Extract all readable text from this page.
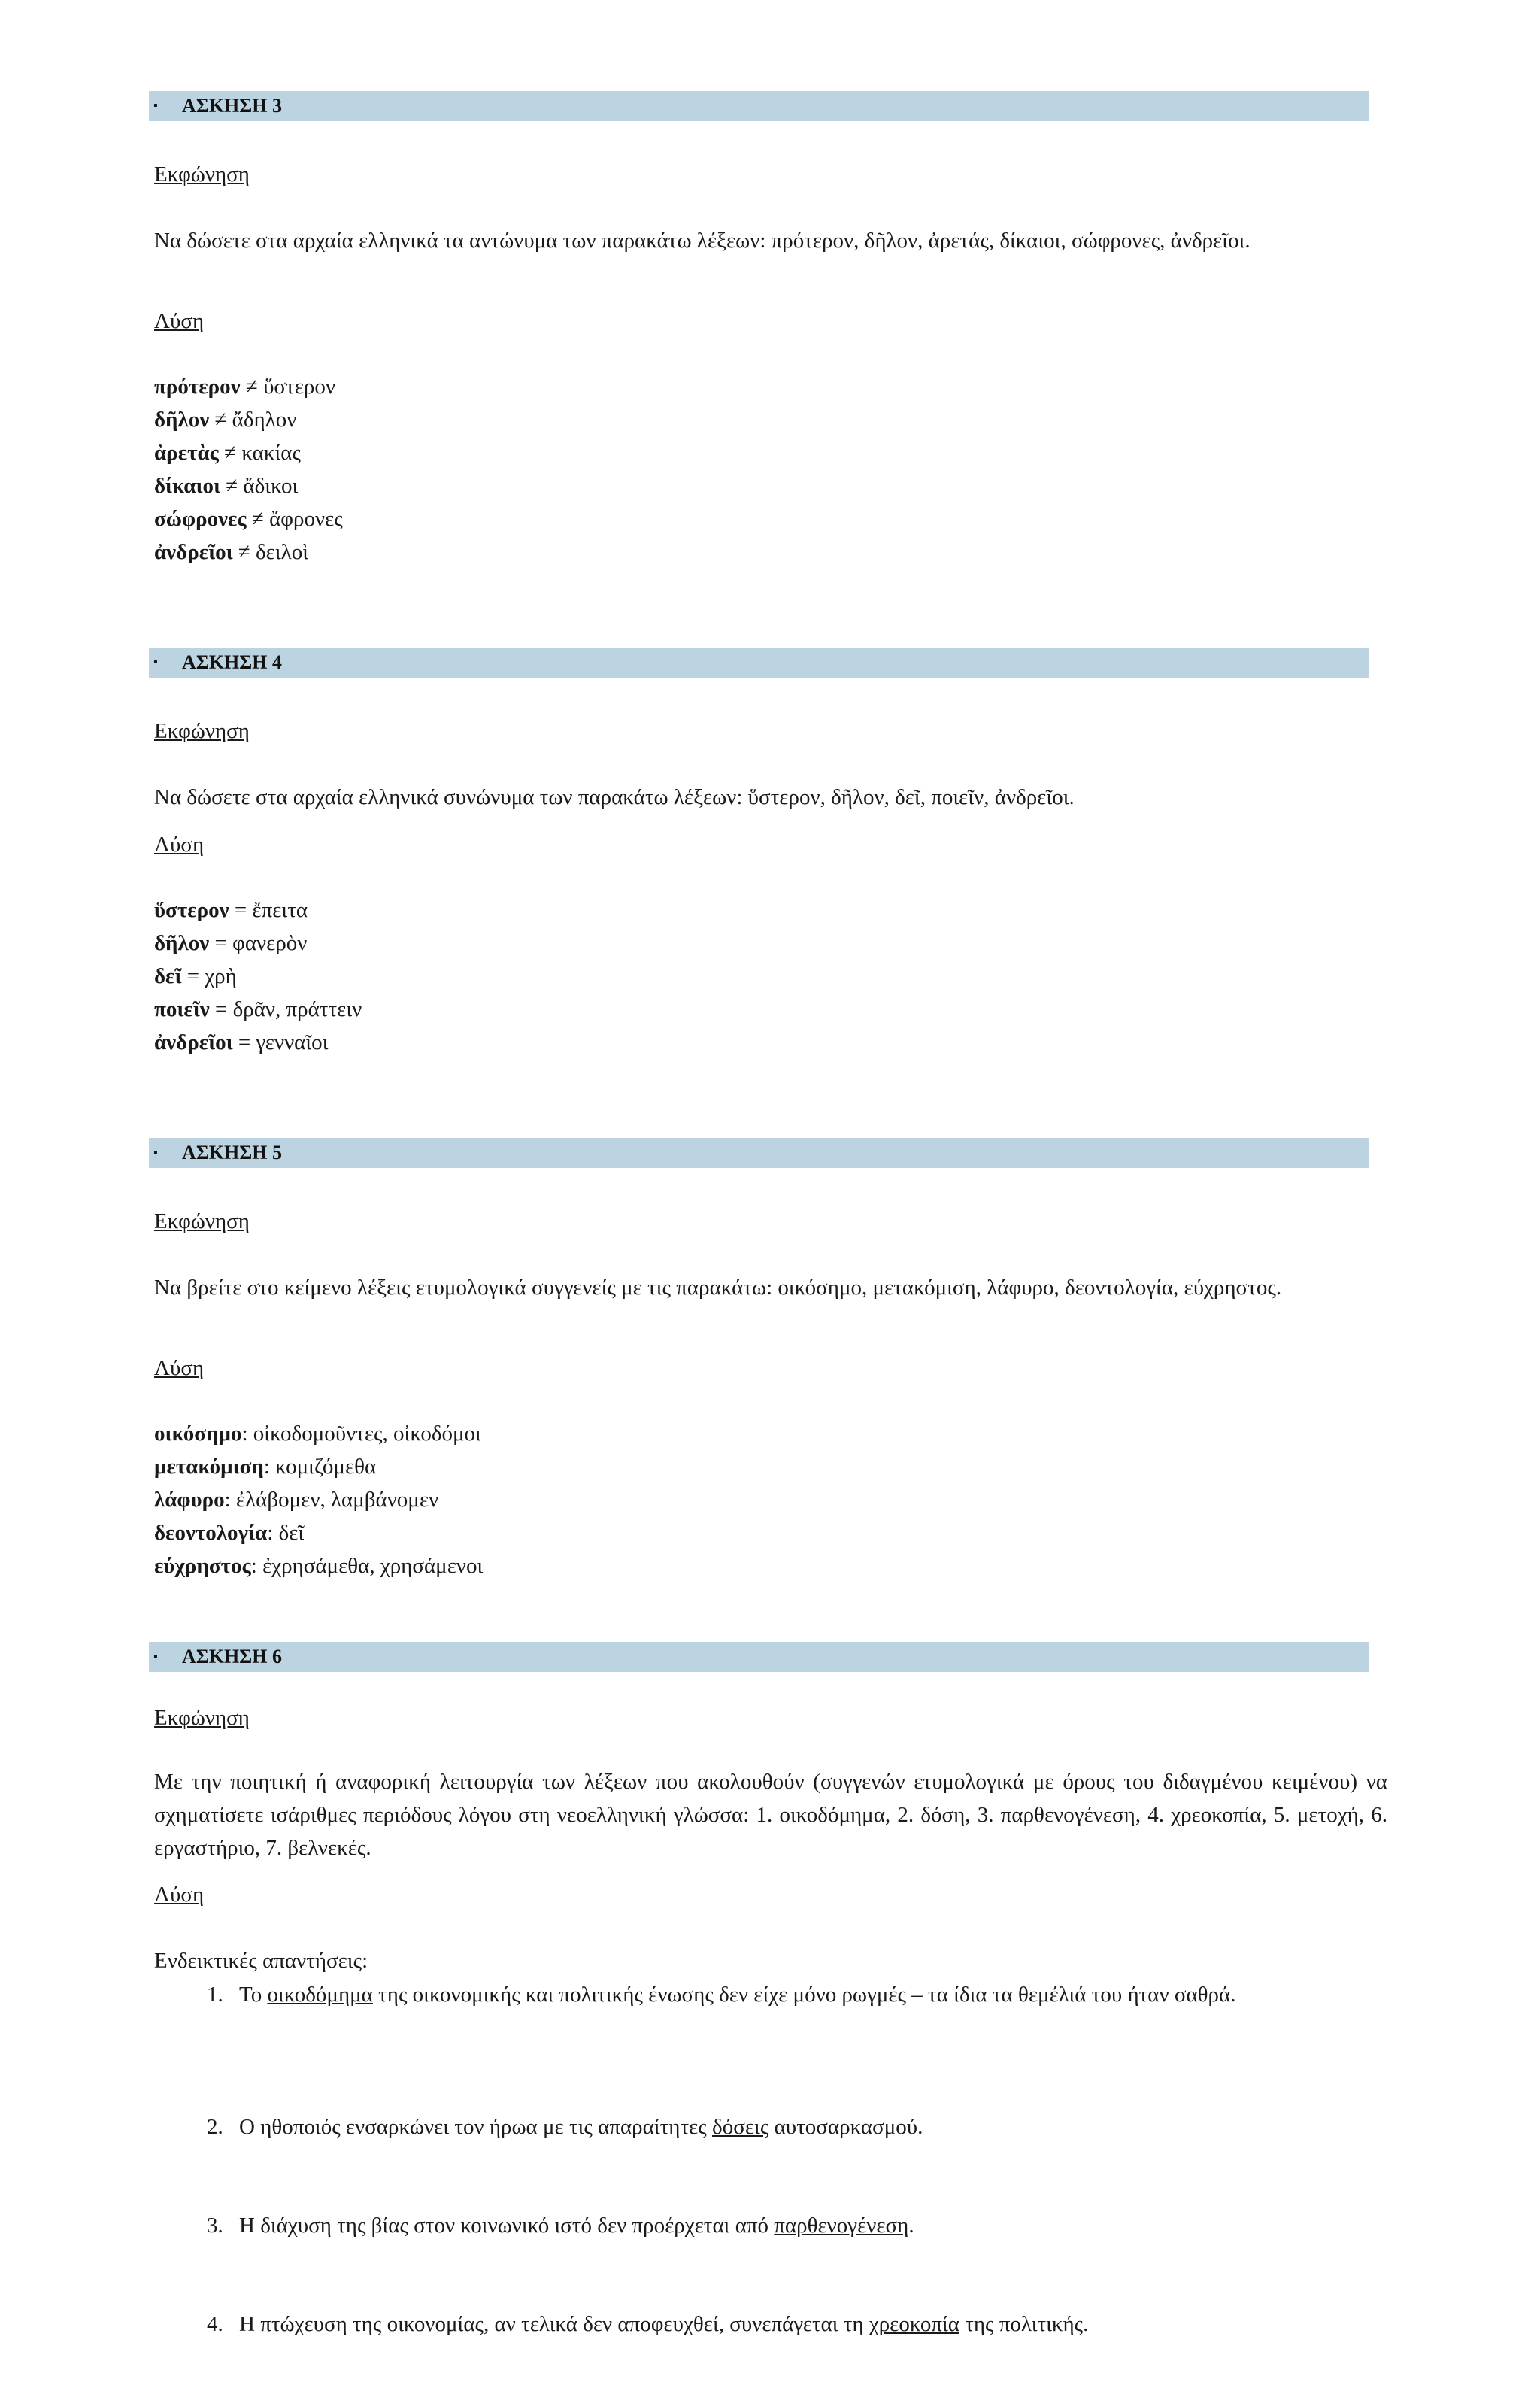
▪ ΑΣΚΗΣΗ 3

Εκφώνηση

Να δώσετε στα αρχαία ελληνικά τα αντώνυμα των παρακάτω λέξεων: πρότερον, δῆλον, ἀρετάς, δίκαιοι, σώφρονες, ἀνδρεῖοι.

Λύση

πρότερον ≠ ὕστερον
δῆλον ≠ ἄδηλον
ἀρετὰς ≠ κακίας
δίκαιοι ≠ ἄδικοι
σώφρονες ≠ ἄφρονες
ἀνδρεῖοι ≠ δειλοὶ
▪ ΑΣΚΗΣΗ 4

Εκφώνηση

Να δώσετε στα αρχαία ελληνικά συνώνυμα των παρακάτω λέξεων: ὕστερον, δῆλον, δεῖ, ποιεῖν, ἀνδρεῖοι.

Λύση

ὕστερον = ἔπειτα
δῆλον = φανερὸν
δεῖ = χρὴ
ποιεῖν = δρᾶν, πράττειν
ἀνδρεῖοι = γενναῖοι
▪ ΑΣΚΗΣΗ 5

Εκφώνηση

Να βρείτε στο κείμενο λέξεις ετυμολογικά συγγενείς με τις παρακάτω: οικόσημο, μετακόμιση, λάφυρο, δεοντολογία, εύχρηστος.

Λύση

οικόσημο: οἰκοδομοῦντες, οἰκοδόμοι
μετακόμιση: κομιζόμεθα
λάφυρο: ἐλάβομεν, λαμβάνομεν
δεοντολογία: δεῖ
εύχρηστος: ἐχρησάμεθα, χρησάμενοι
▪ ΑΣΚΗΣΗ 6

Εκφώνηση

Με την ποιητική ή αναφορική λειτουργία των λέξεων που ακολουθούν (συγγενών ετυμολογικά με όρους του διδαγμένου κειμένου) να σχηματίσετε ισάριθμες περιόδους λόγου στη νεοελληνική γλώσσα: 1. οικοδόμημα, 2. δόση, 3. παρθενογένεση, 4. χρεοκοπία, 5. μετοχή, 6. εργαστήριο, 7. βελνεκές.

Λύση

Ενδεικτικές απαντήσεις:

1. Το οικοδόμημα της οικονομικής και πολιτικής ένωσης δεν είχε μόνο ρωγμές – τα ίδια τα θεμέλιά του ήταν σαθρά.
2. Ο ηθοποιός ενσαρκώνει τον ήρωα με τις απαραίτητες δόσεις αυτοσαρκασμού.
3. Η διάχυση της βίας στον κοινωνικό ιστό δεν προέρχεται από παρθενογένεση.
4. Η πτώχευση της οικονομίας, αν τελικά δεν αποφευχθεί, συνεπάγεται τη χρεοκοπία της πολιτικής.
